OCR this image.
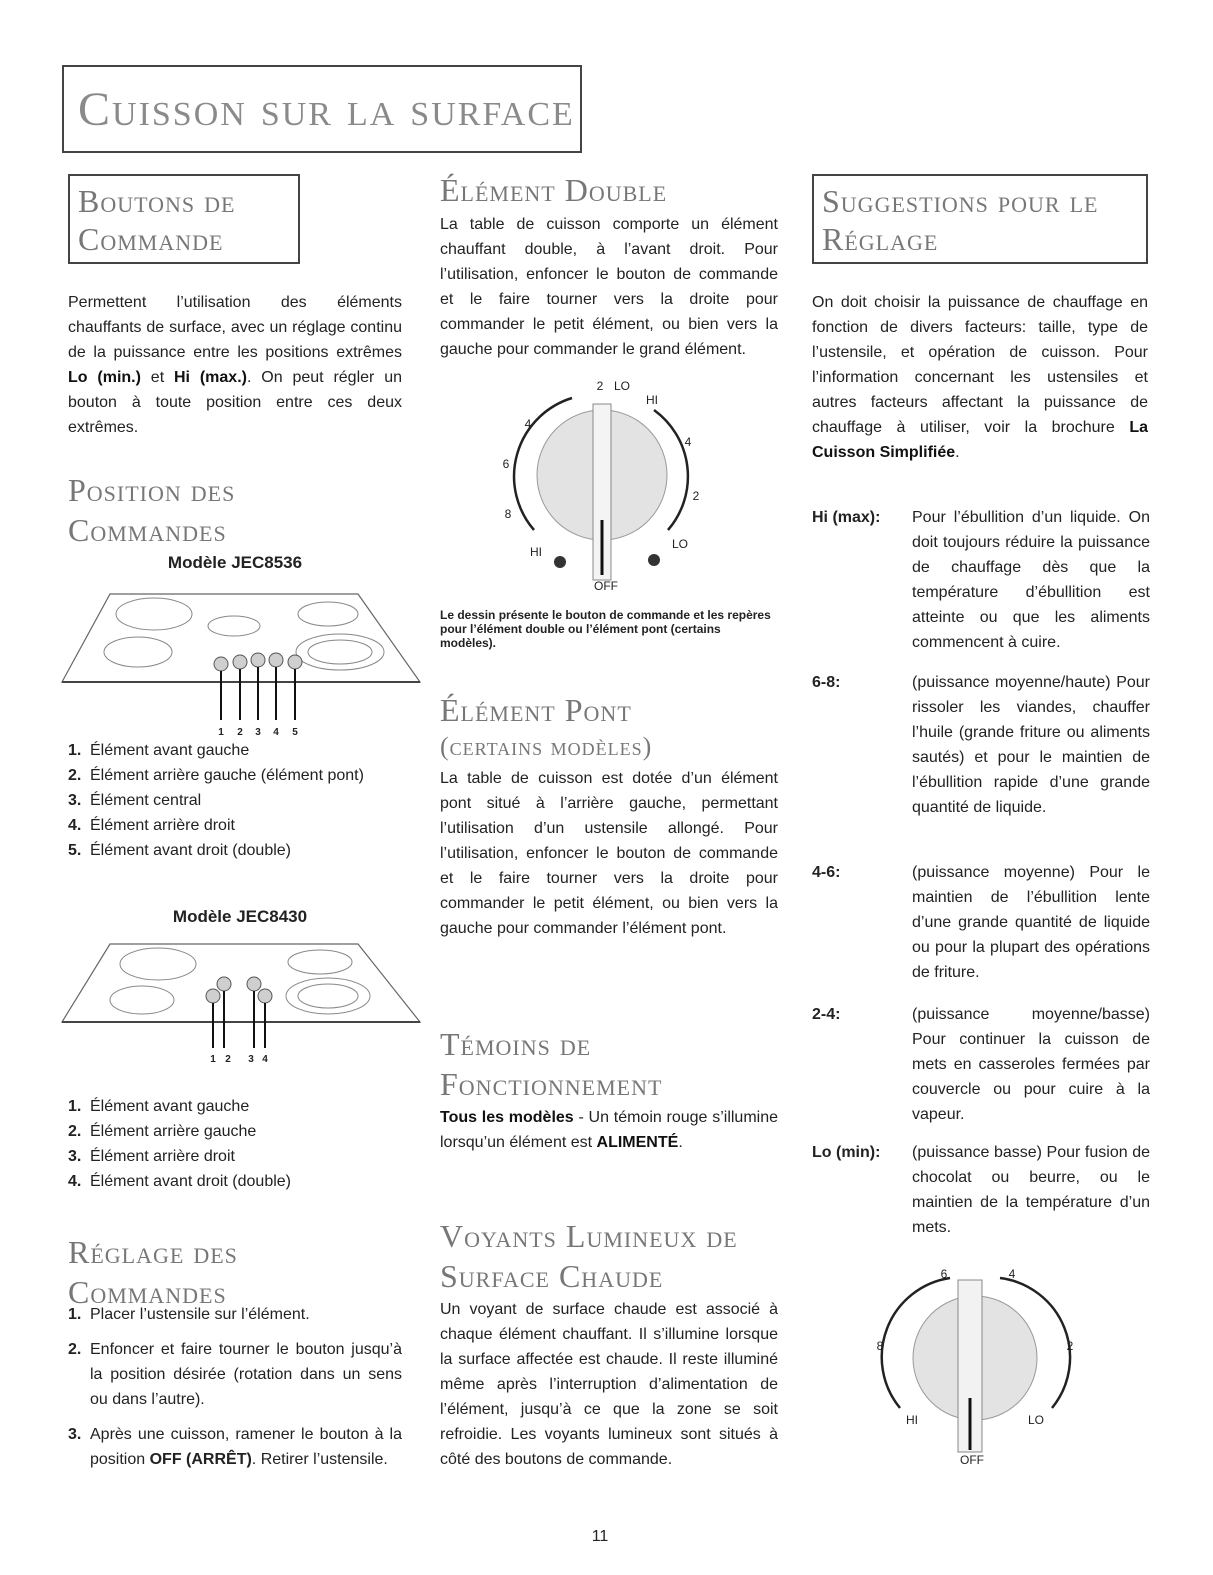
Cuisson sur la surface
Boutons de Commande
Permettent l’utilisation des éléments chauffants de surface, avec un réglage continu de la puissance entre les positions extrêmes Lo (min.) et Hi (max.). On peut régler un bouton à toute position entre ces deux extrêmes.
Position des Commandes
Modèle JEC8536
1 2 3 4 5
1. Élément avant gauche
2. Élément arrière gauche (élément pont)
3. Élément central
4. Élément arrière droit
5. Élément avant droit (double)
Modèle JEC8430
1 2 3 4
1. Élément avant gauche
2. Élément arrière gauche
3. Élément arrière droit
4. Élément avant droit (double)
Réglage des Commandes
1. Placer l’ustensile sur l’élément.
2. Enfoncer et faire tourner le bouton jusqu’à la position désirée (rotation dans un sens ou dans l’autre).
3. Après une cuisson, ramener le bouton à la position OFF (ARRÊT). Retirer l’ustensile.
Élément Double
La table de cuisson comporte un élément chauffant double, à l’avant droit. Pour l’utilisation, enfoncer le bouton de commande et le faire tourner vers la droite pour commander le petit élément, ou bien vers la gauche pour commander le grand élément.
LO
HI
4
2
LO
2
4
6
8
HI
OFF
Le dessin présente le bouton de commande et les repères pour l’élément double ou l’élément pont (certains modèles).
Élément Pont
(certains modèles)
La table de cuisson est dotée d’un élément pont situé à l’arrière gauche, permettant l’utilisation d’un ustensile allongé. Pour l’utilisation, enfoncer le bouton de commande et le faire tourner vers la droite pour commander le petit élément, ou bien vers la gauche pour commander l’élément pont.
Témoins de Fonctionnement
Tous les modèles - Un témoin rouge s’illumine lorsqu’un élément est ALIMENTÉ.
Voyants Lumineux de Surface Chaude
Un voyant de surface chaude est associé à chaque élément chauffant. Il s’illumine lorsque la surface affectée est chaude. Il reste illuminé même après l’interruption d’alimentation de l’élément, jusqu’à ce que la zone se soit refroidie. Les voyants lumineux sont situés à côté des boutons de commande.
11
Suggestions pour le Réglage
On doit choisir la puissance de chauffage en fonction de divers facteurs: taille, type de l’ustensile, et opération de cuisson. Pour l’information concernant les ustensiles et autres facteurs affectant la puissance de chauffage à utiliser, voir la brochure La Cuisson Simplifiée.
Hi (max): Pour l’ébullition d’un liquide. On doit toujours réduire la puissance de chauffage dès que la température d’ébullition est atteinte ou que les aliments commencent à cuire.
6-8:	(puissance moyenne/haute) Pour rissoler les viandes, chauffer l’huile (grande friture ou aliments sautés) et pour le maintien de l’ébullition rapide d’une grande quantité de liquide.
4-6:	(puissance moyenne) Pour le maintien de l’ébullition lente d’une grande quantité de liquide ou pour la plupart des opérations de friture.
2-4:	(puissance moyenne/basse) Pour continuer la cuisson de mets en casseroles fermées par couvercle ou pour cuire à la vapeur.
Lo (min): (puissance basse) Pour fusion de chocolat ou beurre, ou le maintien de la température d’un mets.
6	4
8	2
HI	LO
OFF
